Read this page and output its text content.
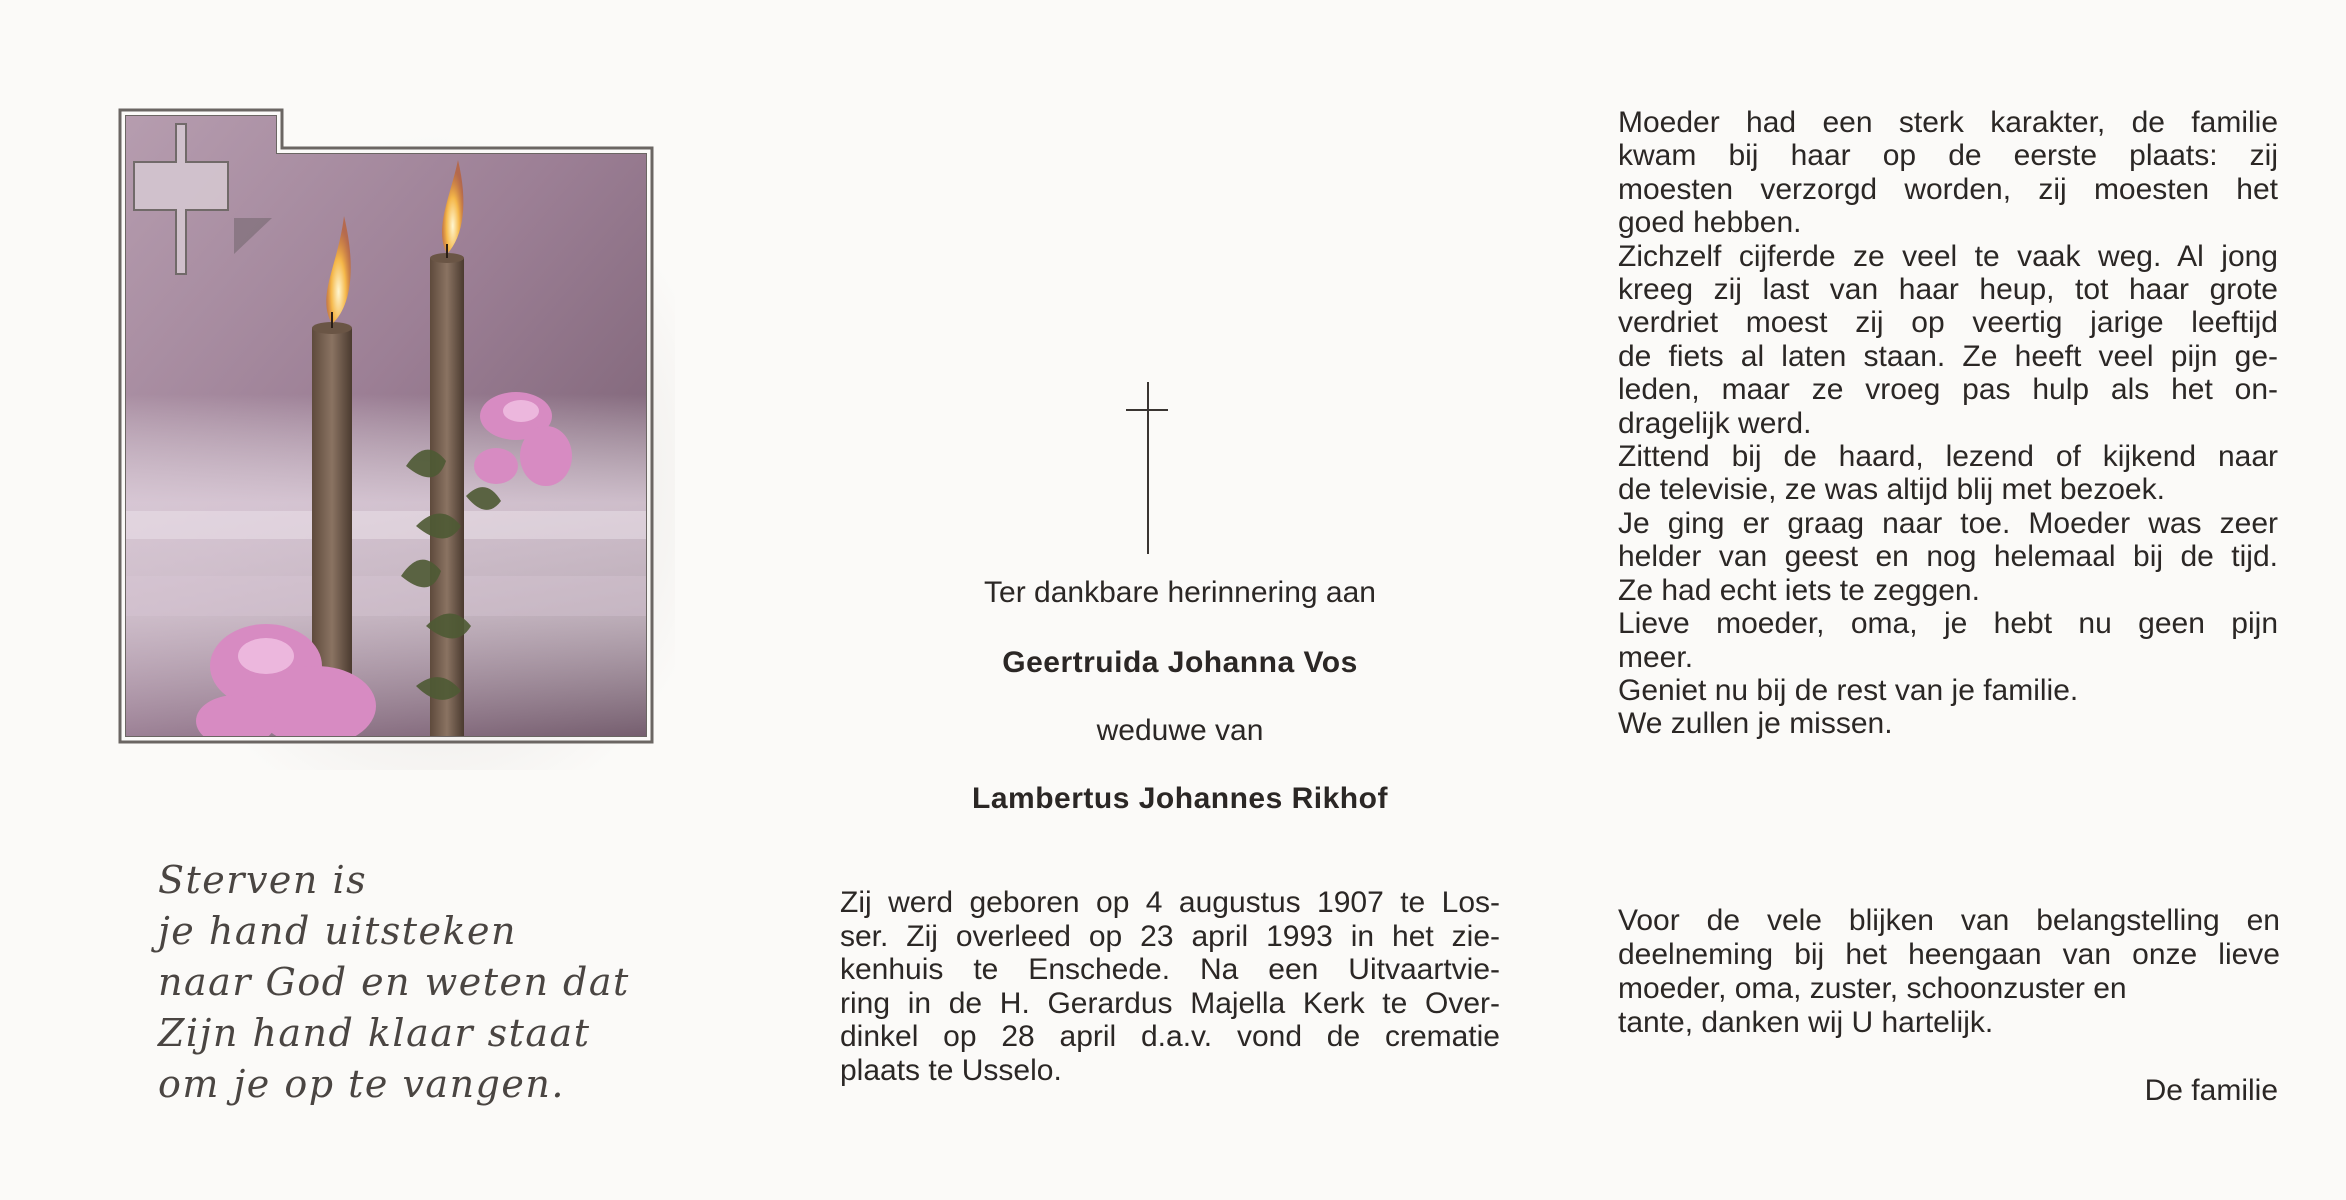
Sterven is
je hand uitsteken
naar God en weten dat
Zijn hand klaar staat
om je op te vangen.
Ter dankbare herinnering aan
Geertruida Johanna Vos
weduwe van
Lambertus Johannes Rikhof
Zij werd geboren op 4 augustus 1907 te Los-
ser. Zij overleed op 23 april 1993 in het zie-
kenhuis te Enschede. Na een Uitvaartvie-
ring in de H. Gerardus Majella Kerk te Over-
dinkel op 28 april d.a.v. vond de crematie
plaats te Usselo.
Moeder had een sterk karakter, de familie
kwam bij haar op de eerste plaats: zij
moesten verzorgd worden, zij moesten het
goed hebben.
Zichzelf cijferde ze veel te vaak weg. Al jong
kreeg zij last van haar heup, tot haar grote
verdriet moest zij op veertig jarige leeftijd
de fiets al laten staan. Ze heeft veel pijn ge-
leden, maar ze vroeg pas hulp als het on-
dragelijk werd.
Zittend bij de haard, lezend of kijkend naar
de televisie, ze was altijd blij met bezoek.
Je ging er graag naar toe. Moeder was zeer
helder van geest en nog helemaal bij de tijd.
Ze had echt iets te zeggen.
Lieve moeder, oma, je hebt nu geen pijn
meer.
Geniet nu bij de rest van je familie.
We zullen je missen.
Voor de vele blijken van belangstelling en
deelneming bij het heengaan van onze lieve
moeder, oma, zuster, schoonzuster en
tante, danken wij U hartelijk.
De familie
